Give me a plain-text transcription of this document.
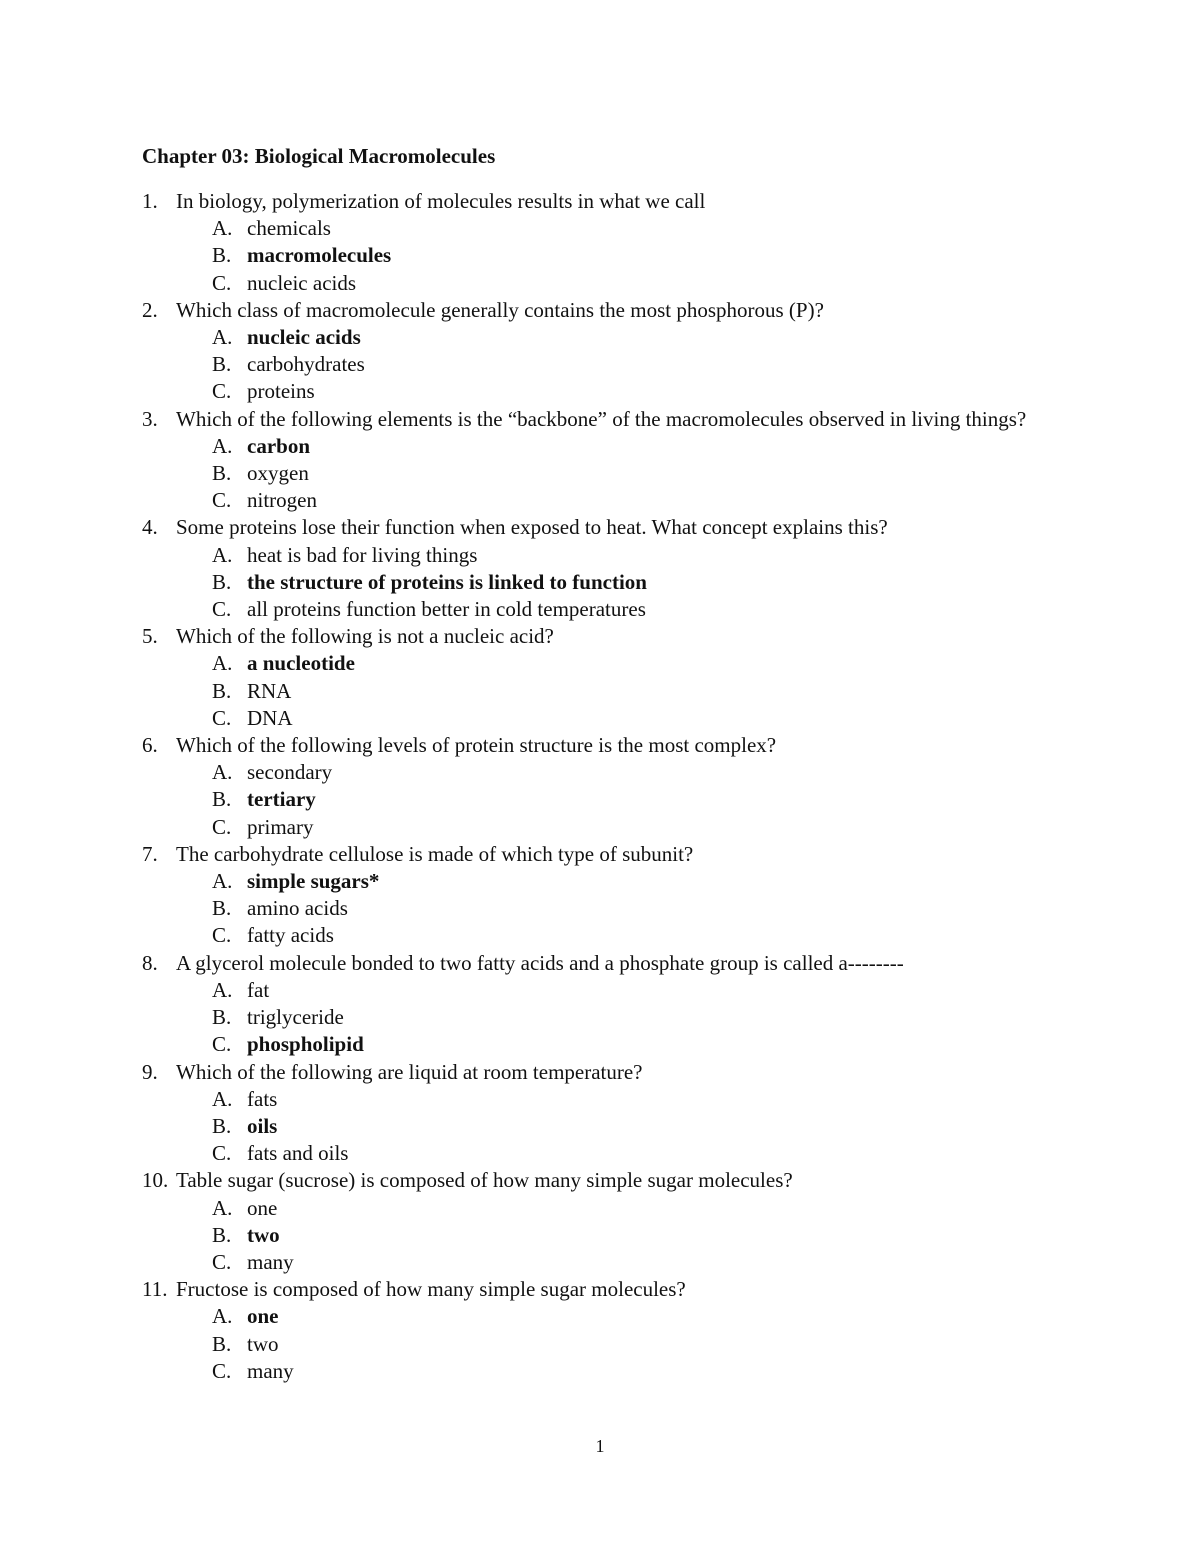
Chapter 03: Biological Macromolecules
1. In biology, polymerization of molecules results in what we call
A. chemicals
B. macromolecules
C. nucleic acids
2. Which class of macromolecule generally contains the most phosphorous (P)?
A. nucleic acids
B. carbohydrates
C. proteins
3. Which of the following elements is the “backbone” of the macromolecules observed in living things?
A. carbon
B. oxygen
C. nitrogen
4. Some proteins lose their function when exposed to heat. What concept explains this?
A. heat is bad for living things
B. the structure of proteins is linked to function
C. all proteins function better in cold temperatures
5. Which of the following is not a nucleic acid?
A. a nucleotide
B. RNA
C. DNA
6. Which of the following levels of protein structure is the most complex?
A. secondary
B. tertiary
C. primary
7. The carbohydrate cellulose is made of which type of subunit?
A. simple sugars*
B. amino acids
C. fatty acids
8. A glycerol molecule bonded to two fatty acids and a phosphate group is called a--------
A. fat
B. triglyceride
C. phospholipid
9. Which of the following are liquid at room temperature?
A. fats
B. oils
C. fats and oils
10. Table sugar (sucrose) is composed of how many simple sugar molecules?
A. one
B. two
C. many
11. Fructose is composed of how many simple sugar molecules?
A. one
B. two
C. many
1
